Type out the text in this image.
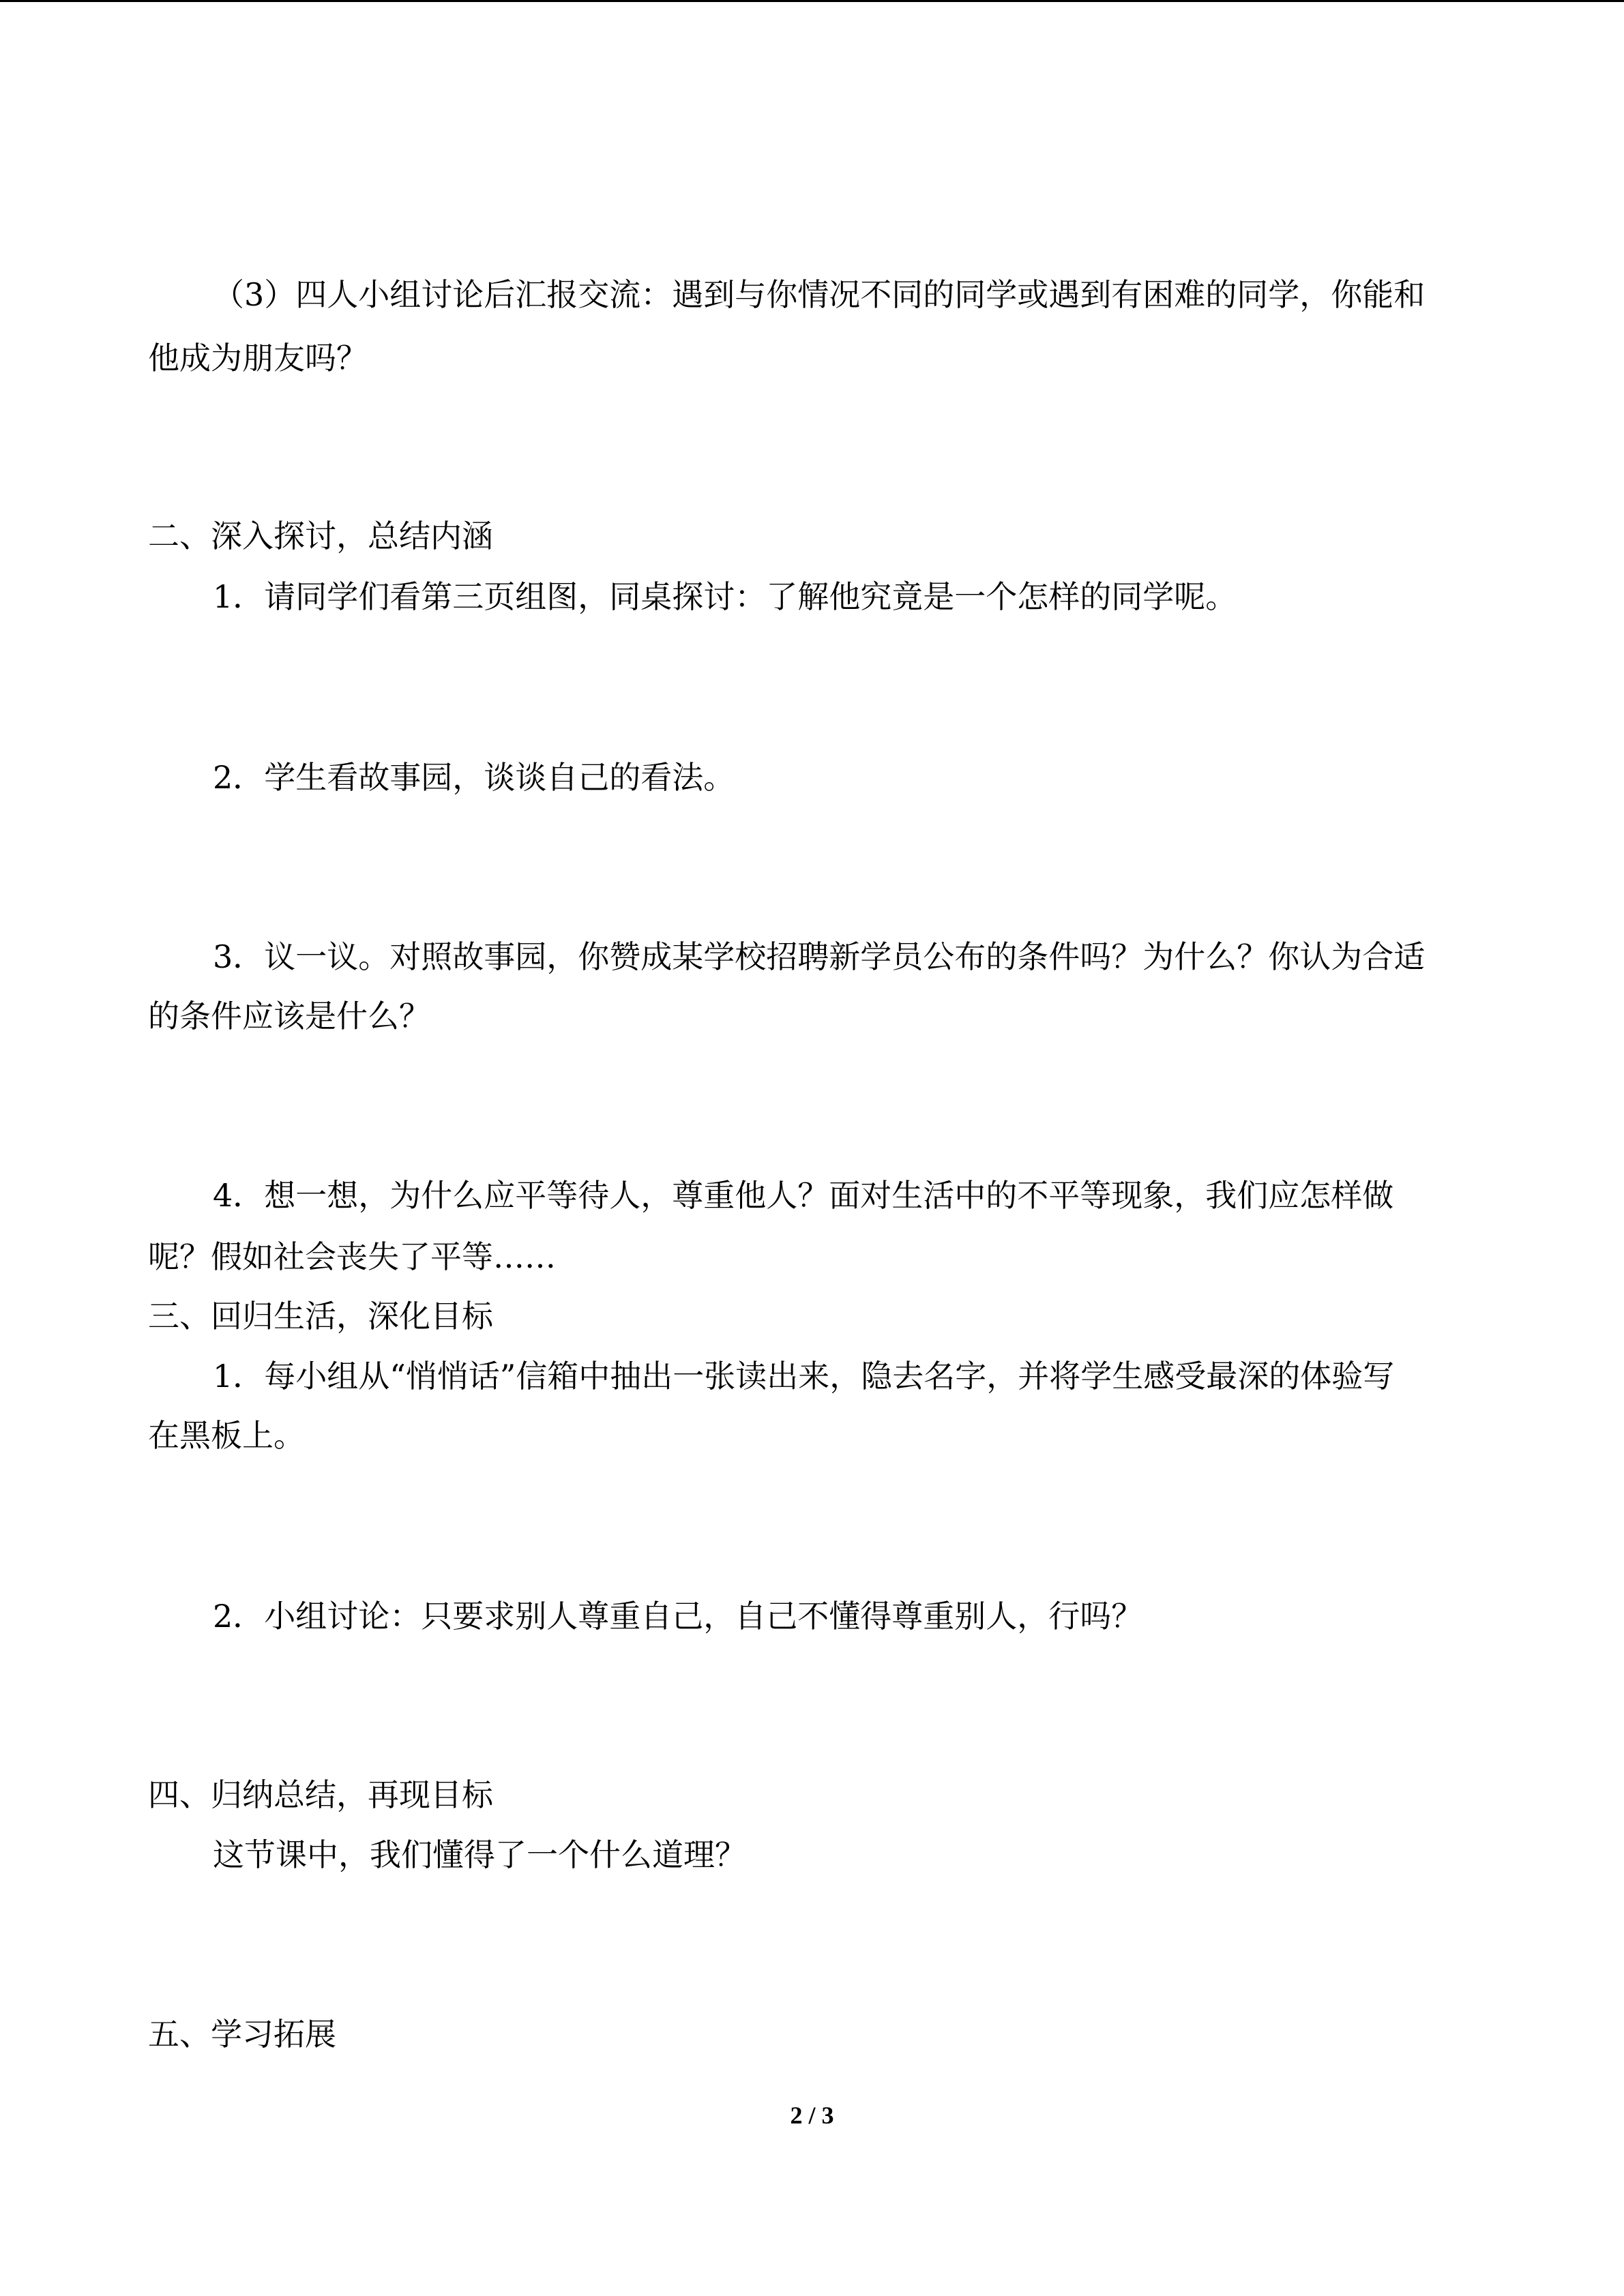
（3）四人小组讨论后汇报交流：遇到与你情况不同的同学或遇到有困难的同学，你能和
他成为朋友吗？
二、深入探讨，总结内涵
1．请同学们看第三页组图，同桌探讨：了解他究竟是一个怎样的同学呢。
2．学生看故事园，谈谈自己的看法。
3．议一议。对照故事园，你赞成某学校招聘新学员公布的条件吗？为什么？你认为合适
的条件应该是什么？
4．想一想，为什么应平等待人，尊重他人？面对生活中的不平等现象，我们应怎样做
呢？假如社会丧失了平等……
三、回归生活，深化目标
1．每小组从“悄悄话”信箱中抽出一张读出来，隐去名字，并将学生感受最深的体验写
在黑板上。
2．小组讨论：只要求别人尊重自己，自己不懂得尊重别人，行吗？
四、归纳总结，再现目标
这节课中，我们懂得了一个什么道理？
五、学习拓展
2 / 3
